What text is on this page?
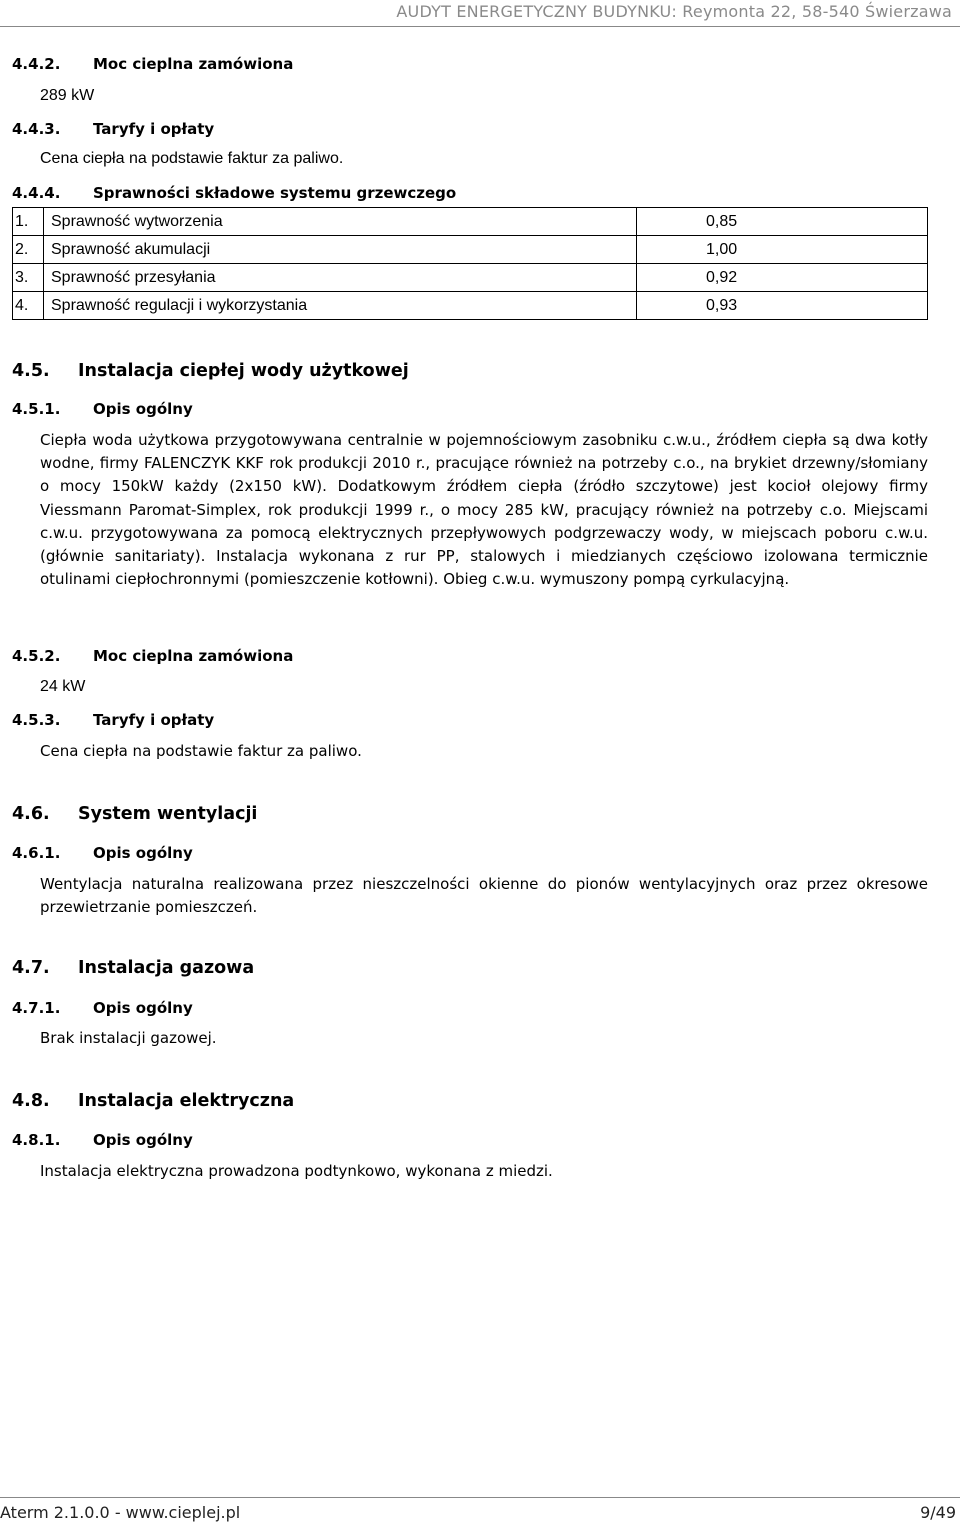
AUDYT ENERGETYCZNY BUDYNKU: Reymonta 22, 58-540 Świerzawa
4.4.2. Moc cieplna zamówiona
289 kW
4.4.3. Taryfy i opłaty
Cena ciepła na podstawie faktur za paliwo.
4.4.4. Sprawności składowe systemu grzewczego
1.	Sprawność wytworzenia	0,85
2.	Sprawność akumulacji	1,00
3.	Sprawność przesyłania	0,92
4.	Sprawność regulacji i wykorzystania	0,93
4.5. Instalacja ciepłej wody użytkowej
4.5.1. Opis ogólny
Ciepła woda użytkowa przygotowywana centralnie w pojemnościowym zasobniku c.w.u., źródłem ciepła są dwa kotły wodne, firmy FALENCZYK KKF rok produkcji 2010 r., pracujące również na potrzeby c.o., na brykiet drzewny/słomiany o mocy 150kW każdy (2x150 kW). Dodatkowym źródłem ciepła (źródło szczytowe) jest kocioł olejowy firmy Viessmann Paromat-Simplex, rok produkcji 1999 r., o mocy 285 kW, pracujący również na potrzeby c.o. Miejscami c.w.u. przygotowywana za pomocą elektrycznych przepływowych podgrzewaczy wody, w miejscach poboru c.w.u. (głównie sanitariaty). Instalacja wykonana z rur PP, stalowych i miedzianych częściowo izolowana termicznie otulinami ciepłochronnymi (pomieszczenie kotłowni). Obieg c.w.u. wymuszony pompą cyrkulacyjną.
4.5.2. Moc cieplna zamówiona
24 kW
4.5.3. Taryfy i opłaty
Cena ciepła na podstawie faktur za paliwo.
4.6. System wentylacji
4.6.1. Opis ogólny
Wentylacja naturalna realizowana przez nieszczelności okienne do pionów wentylacyjnych oraz przez okresowe przewietrzanie pomieszczeń.
4.7. Instalacja gazowa
4.7.1. Opis ogólny
Brak instalacji gazowej.
4.8. Instalacja elektryczna
4.8.1. Opis ogólny
Instalacja elektryczna prowadzona podtynkowo, wykonana z miedzi.
Aterm 2.1.0.0 - www.cieplej.pl	9/49
